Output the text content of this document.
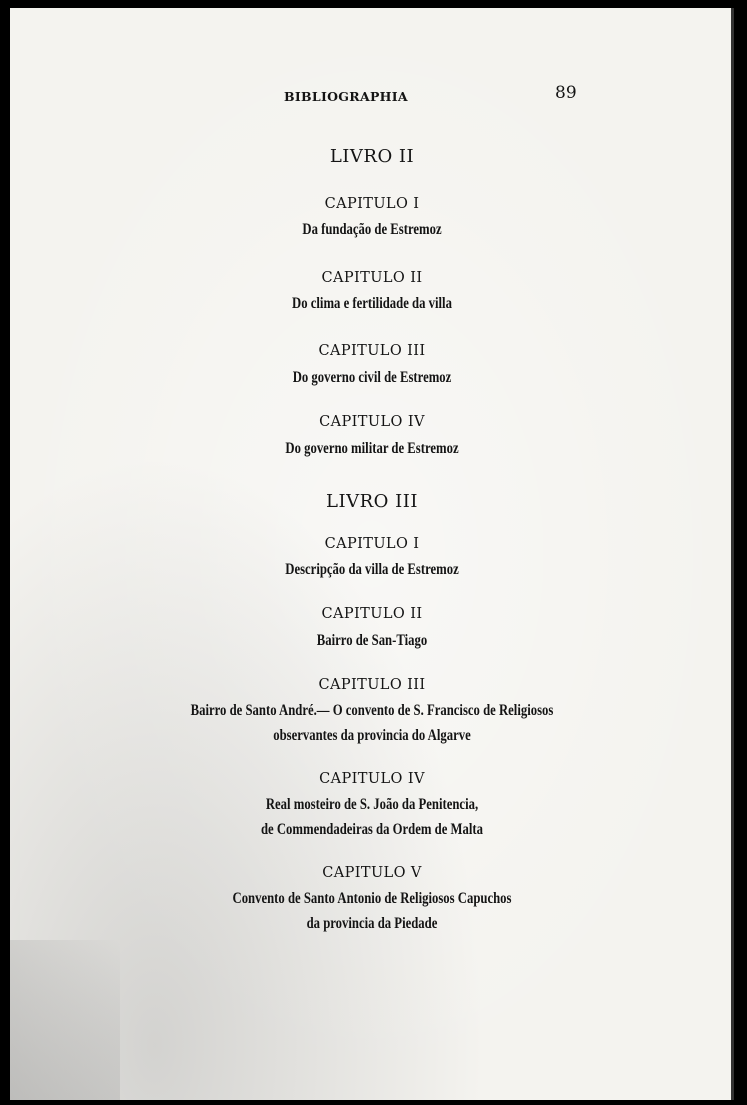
BIBLIOGRAPHIA	89
LIVRO II
CAPITULO I
Da fundação de Estremoz
CAPITULO II
Do clima e fertilidade da villa
CAPITULO III
Do governo civil de Estremoz
CAPITULO IV
Do governo militar de Estremoz
LIVRO III
CAPITULO I
Descripção da villa de Estremoz
CAPITULO II
Bairro de San-Tiago
CAPITULO III
Bairro de Santo André.— O convento de S. Francisco de Religiosos
observantes da provincia do Algarve
CAPITULO IV
Real mosteiro de S. João da Penitencia,
de Commendadeiras da Ordem de Malta
CAPITULO V
Convento de Santo Antonio de Religiosos Capuchos
da provincia da Piedade
